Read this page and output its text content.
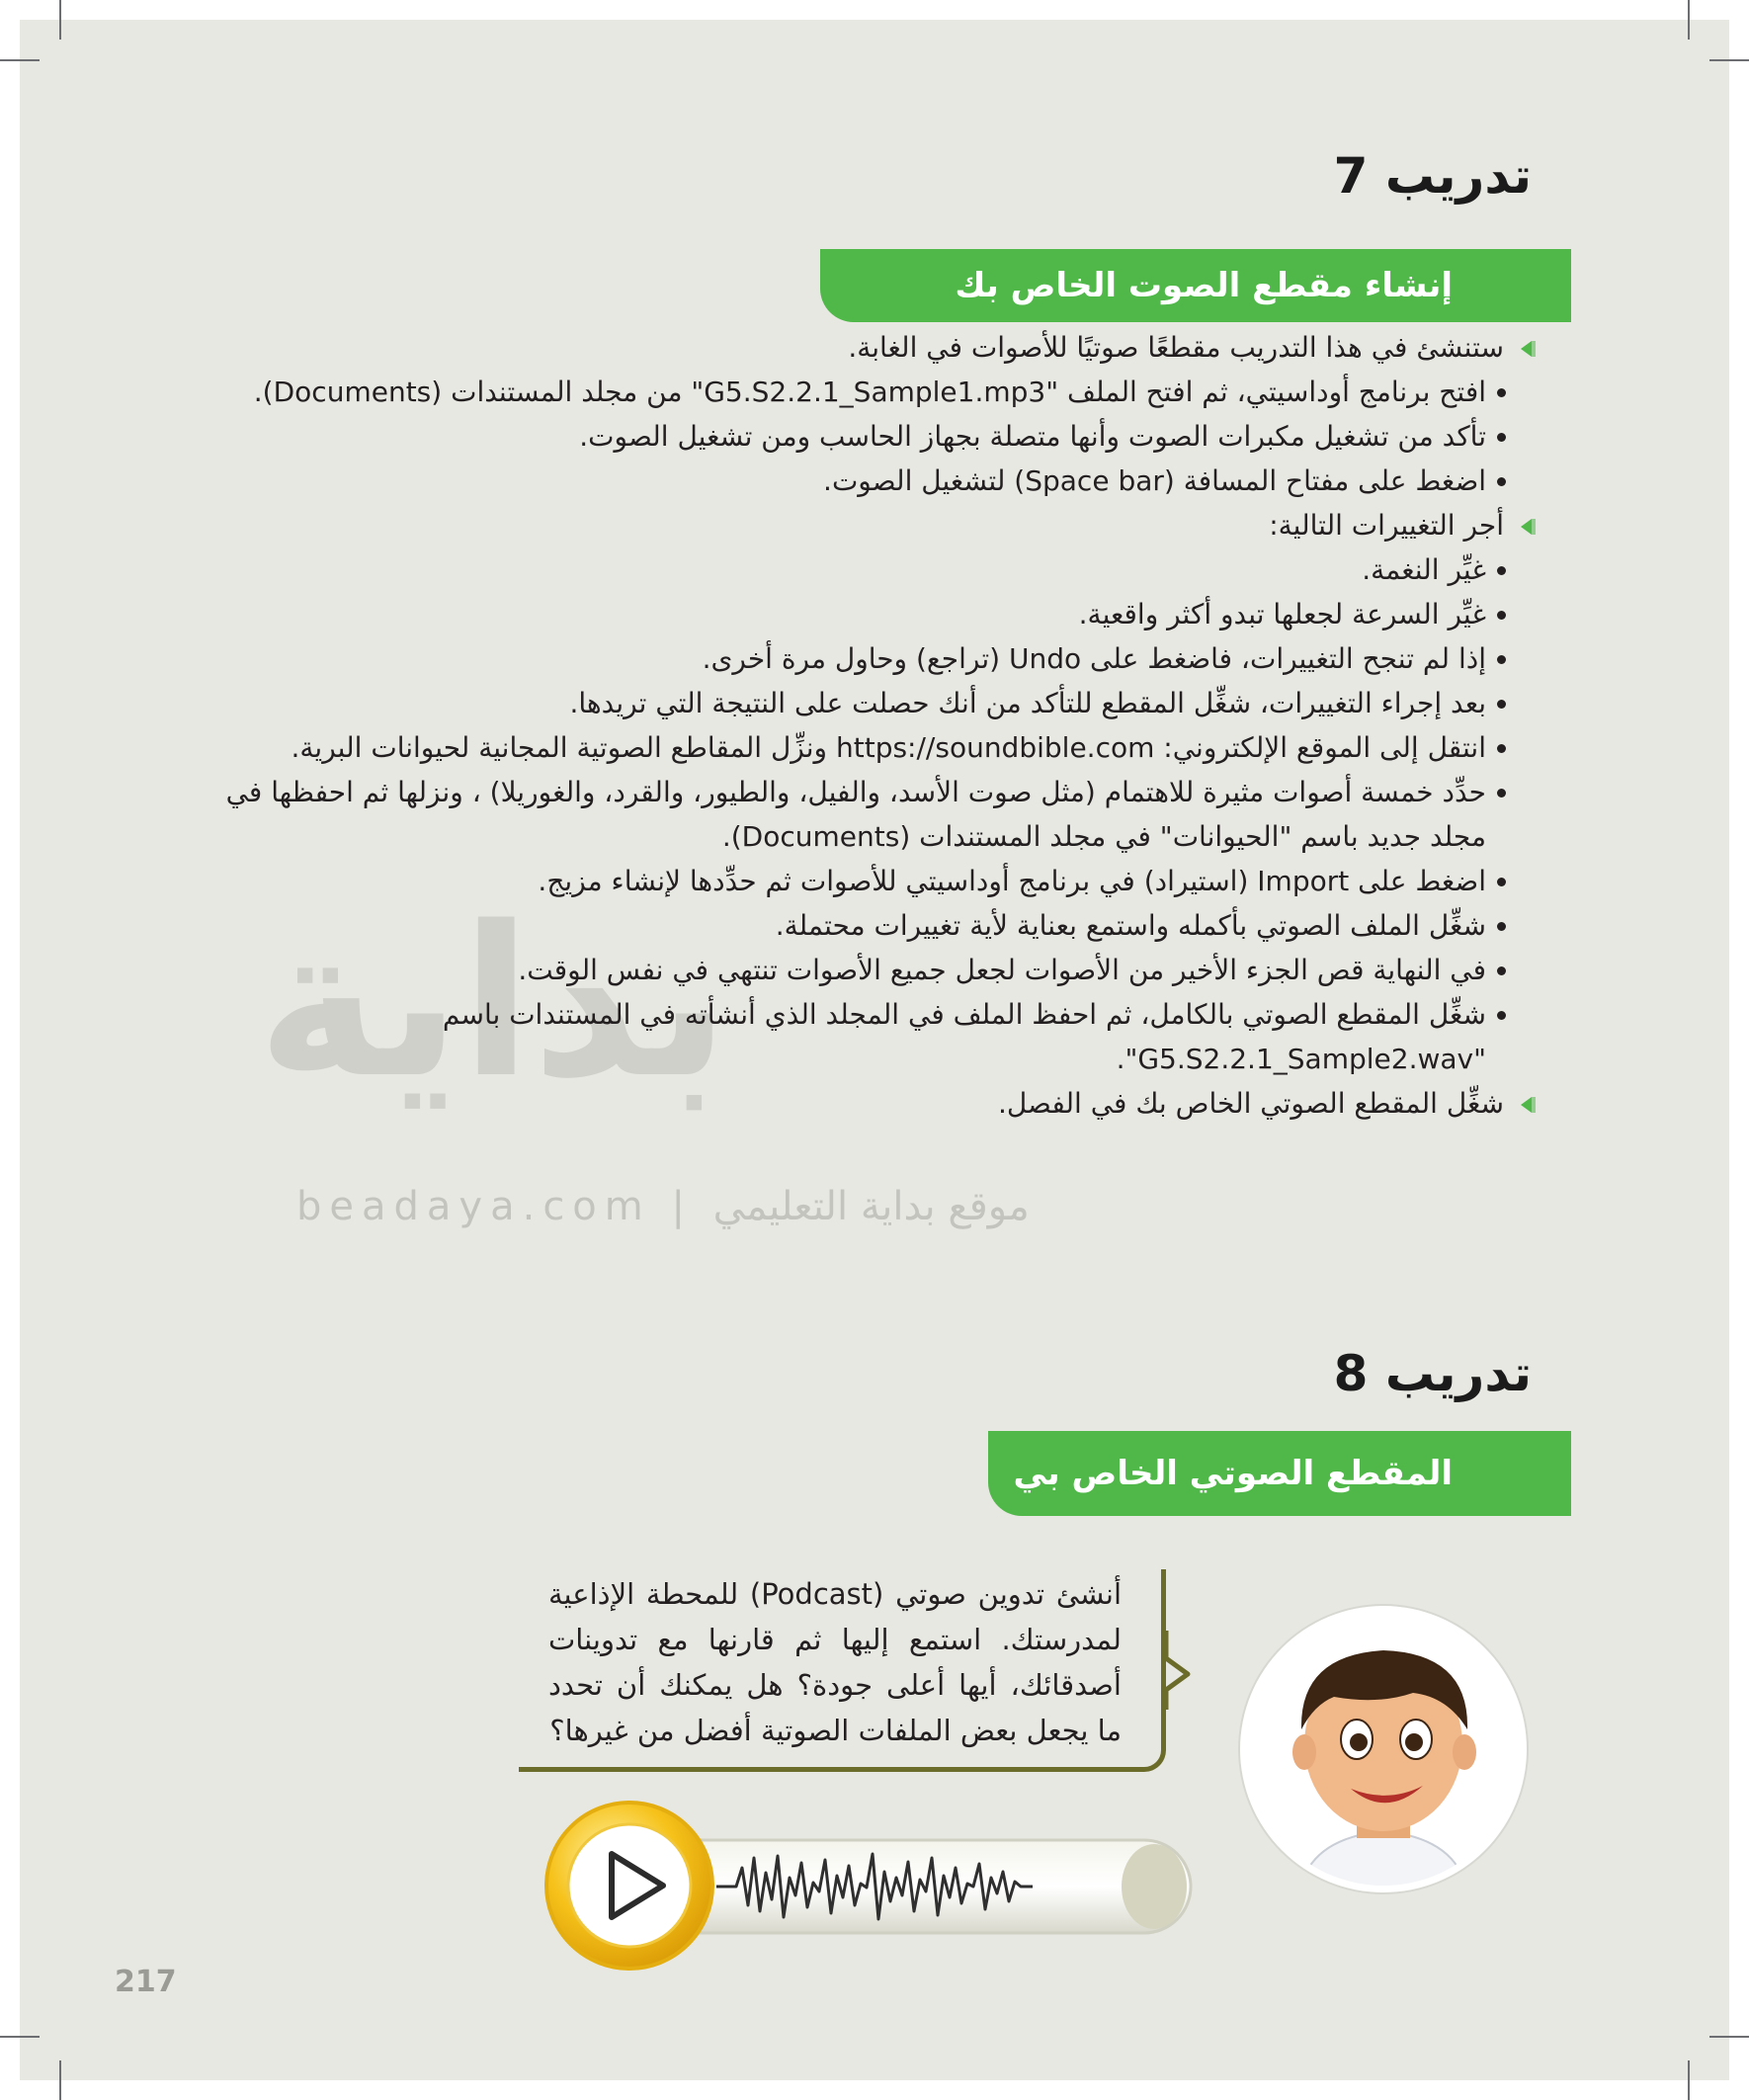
بداية
beadaya.com | موقع بداية التعليمي
تدريب 7
إنشاء مقطع الصوت الخاص بك
ستنشئ في هذا التدريب مقطعًا صوتيًا للأصوات في الغابة.
افتح برنامج أوداسيتي، ثم افتح الملف "G5.S2.2.1_Sample1.mp3" من مجلد المستندات (Documents).
تأكد من تشغيل مكبرات الصوت وأنها متصلة بجهاز الحاسب ومن تشغيل الصوت.
اضغط على مفتاح المسافة (Space bar) لتشغيل الصوت.
أجر التغييرات التالية:
غيِّر النغمة.
غيِّر السرعة لجعلها تبدو أكثر واقعية.
إذا لم تنجح التغييرات، فاضغط على Undo (تراجع) وحاول مرة أخرى.
بعد إجراء التغييرات، شغِّل المقطع للتأكد من أنك حصلت على النتيجة التي تريدها.
انتقل إلى الموقع الإلكتروني: https://soundbible.com ونزِّل المقاطع الصوتية المجانية لحيوانات البرية.
حدِّد خمسة أصوات مثيرة للاهتمام (مثل صوت الأسد، والفيل، والطيور، والقرد، والغوريلا) ، ونزلها ثم احفظها في
مجلد جديد باسم "الحيوانات" في مجلد المستندات (Documents).
اضغط على Import (استيراد) في برنامج أوداسيتي للأصوات ثم حدِّدها لإنشاء مزيج.
شغِّل الملف الصوتي بأكمله واستمع بعناية لأية تغييرات محتملة.
في النهاية قص الجزء الأخير من الأصوات لجعل جميع الأصوات تنتهي في نفس الوقت.
شغِّل المقطع الصوتي بالكامل، ثم احفظ الملف في المجلد الذي أنشأته في المستندات باسم
"G5.S2.2.1_Sample2.wav".
شغِّل المقطع الصوتي الخاص بك في الفصل.
تدريب 8
المقطع الصوتي الخاص بي
أنشئ تدوين صوتي (Podcast) للمحطة الإذاعية لمدرستك. استمع إليها ثم قارنها مع تدوينات أصدقائك، أيها أعلى جودة؟ هل يمكنك أن تحدد ما يجعل بعض الملفات الصوتية أفضل من غيرها؟
217
